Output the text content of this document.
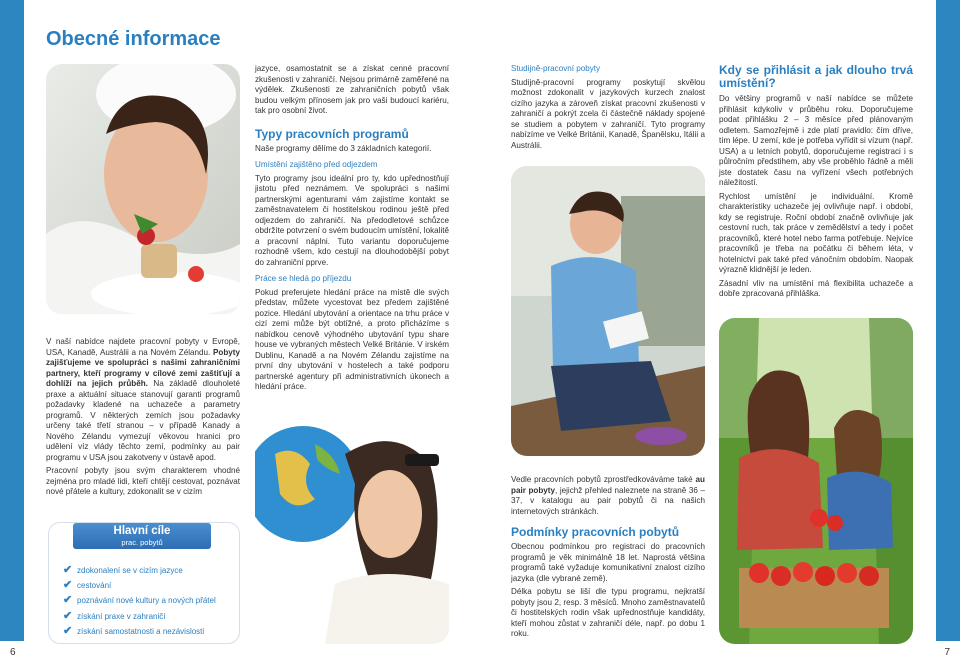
Obecné informace

V naší nabídce najdete pracovní pobyty v Evropě, USA, Kanadě, Austrálii a na Novém Zélandu. Pobyty zajišťujeme ve spolupráci s našimi zahraničními partnery, kteří programy v cílové zemi zaštiťují a dohlíží na jejich průběh. Na základě dlouholeté praxe a aktuální situace stanovují garanti programů požadavky kladené na uchazeče a parametry programů. V některých zemích jsou požadavky určeny také třetí stranou – v případě Kanady a Nového Zélandu vymezují věkovou hranici pro udělení víz vlády těchto zemí, podmínky au pair programu v USA jsou zakotveny v ústavě apod.

Pracovní pobyty jsou svým charakterem vhodné zejména pro mladé lidi, kteří chtějí cestovat, poznávat nové přátele a kultury, zdokonalit se v cizím

Hlavní cíle
prac. pobytů
✔ zdokonalení se v cizím jazyce
✔ cestování
✔ poznávání nové kultury a nových přátel
✔ získání praxe v zahraničí
✔ získání samostatnosti a nezávislosti

jazyce, osamostatnit se a získat cenné pracovní zkušenosti v zahraničí. Nejsou primárně zaměřené na výdělek. Zkušenosti ze zahraničních pobytů však budou velkým přínosem jak pro vaši budoucí kariéru, tak pro osobní život.

Typy pracovních programů

Naše programy dělíme do 3 základních kategorií.

Umístění zajištěno před odjezdem

Tyto programy jsou ideální pro ty, kdo upřednostňují jistotu před neznámem. Ve spolupráci s našimi partnerskými agenturami vám zajistíme kontakt se zaměstnavatelem či hostitelskou rodinou ještě před odjezdem do zahraničí. Na předodletové schůzce obdržíte potvrzení o svém budoucím umístění, lokalitě a pracovní náplni. Tuto variantu doporučujeme rozhodně všem, kdo cestují na dlouhodobější pobyt do zahraniční pprve.

Práce se hledá po příjezdu

Pokud preferujete hledání práce na místě dle svých představ, můžete vycestovat bez předem zajištěné pozice. Hledání ubytování a orientace na trhu práce v cizí zemi může být obtížné, a proto přicházíme s nabídkou cenově výhodného ubytování typu share house ve vybraných městech Velké Británie. V irském Dublinu, Kanadě a na Novém Zélandu zajistíme na první dny ubytování v hostelech a také podporu partnerské agentury při administrativních úkonech a hledání práce.

Studijně-pracovní pobyty

Studijně-pracovní programy poskytují skvělou možnost zdokonalit v jazykových kurzech znalost cizího jazyka a zároveň získat pracovní zkušenosti v zahraničí a pokrýt zcela či částečně náklady spojené se studiem a pobytem v zahraničí. Tyto programy nabízíme ve Velké Británii, Kanadě, Španělsku, Itálii a Austrálii.

Vedle pracovních pobytů zprostředkováváme také au pair pobyty, jejichž přehled naleznete na straně 36 – 37, v katalogu au pair pobytů či na našich internetových stránkách.

Podmínky pracovních pobytů

Obecnou podmínkou pro registraci do pracovních programů je věk minimálně 18 let. Naprostá většina programů také vyžaduje komunikativní znalost cizího jazyka (dle vybrané země).

Délka pobytu se liší dle typu programu, nejkratší pobyty jsou 2, resp. 3 měsíců. Mnoho zaměstnavatelů či hostitelských rodin však upřednostňuje kandidáty, kteří mohou zůstat v zahraničí déle, např. po dobu 1 roku.

Kdy se přihlásit a jak dlouho trvá umístění?

Do většiny programů v naší nabídce se můžete přihlásit kdykoliv v průběhu roku. Doporučujeme podat přihlášku 2 – 3 měsíce před plánovaným odletem. Samozřejmě i zde platí pravidlo: čím dříve, tím lépe. U zemí, kde je potřeba vyřídit si vízum (např. USA) a u letních pobytů, doporučujeme registraci i s půlročním předstihem, aby vše proběhlo řádně a měli jste dostatek času na vyřízení všech potřebných náležitostí.

Rychlost umístění je individuální. Kromě charakteristiky uchazeče jej ovlivňuje např. i období, kdy se registruje. Roční období značně ovlivňuje jak cestovní ruch, tak práce v zemědělství a tedy i počet pracovníků, které hotel nebo farma potřebuje. Nejvíce pracovníků je třeba na počátku či během léta, v hotelnictví pak také před vánočním obdobím. Naopak výrazně klidnější je leden.

Zásadní vliv na umístění má flexibilita uchazeče a dobře zpracovaná přihláška.

6	7
